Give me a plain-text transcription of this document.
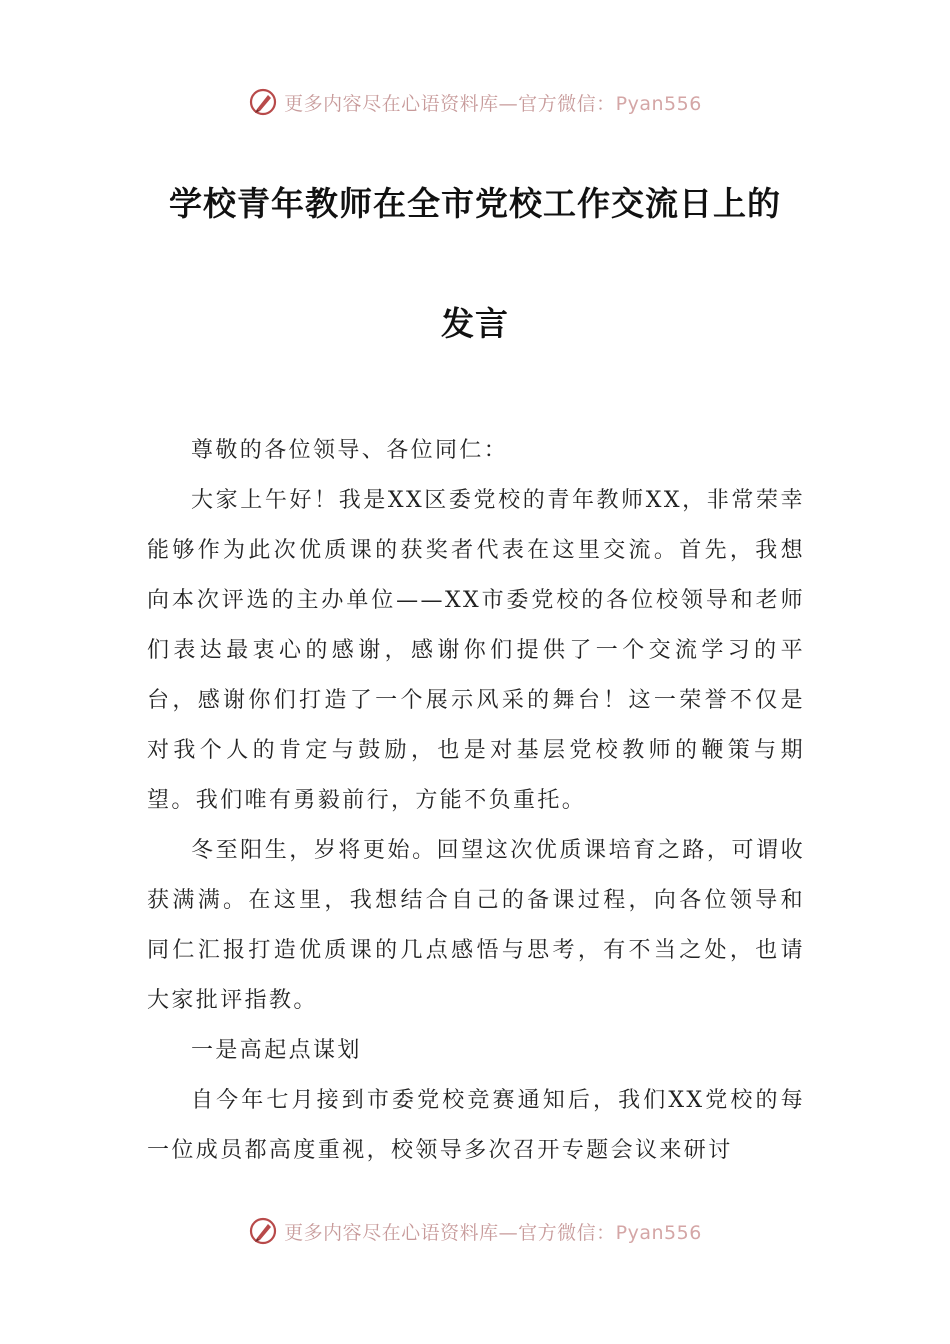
更多内容尽在心语资料库—官方微信：Pyan556
学校青年教师在全市党校工作交流日上的
发言

尊敬的各位领导、各位同仁：

大家上午好！我是XX区委党校的青年教师XX，非常荣幸能够作为此次优质课的获奖者代表在这里交流。首先，我想向本次评选的主办单位——XX市委党校的各位校领导和老师们表达最衷心的感谢，感谢你们提供了一个交流学习的平台，感谢你们打造了一个展示风采的舞台！这一荣誉不仅是对我个人的肯定与鼓励，也是对基层党校教师的鞭策与期望。我们唯有勇毅前行，方能不负重托。

冬至阳生，岁将更始。回望这次优质课培育之路，可谓收获满满。在这里，我想结合自己的备课过程，向各位领导和同仁汇报打造优质课的几点感悟与思考，有不当之处，也请大家批评指教。

一是高起点谋划

自今年七月接到市委党校竞赛通知后，我们XX党校的每一位成员都高度重视，校领导多次召开专题会议来研讨

更多内容尽在心语资料库—官方微信：Pyan556
